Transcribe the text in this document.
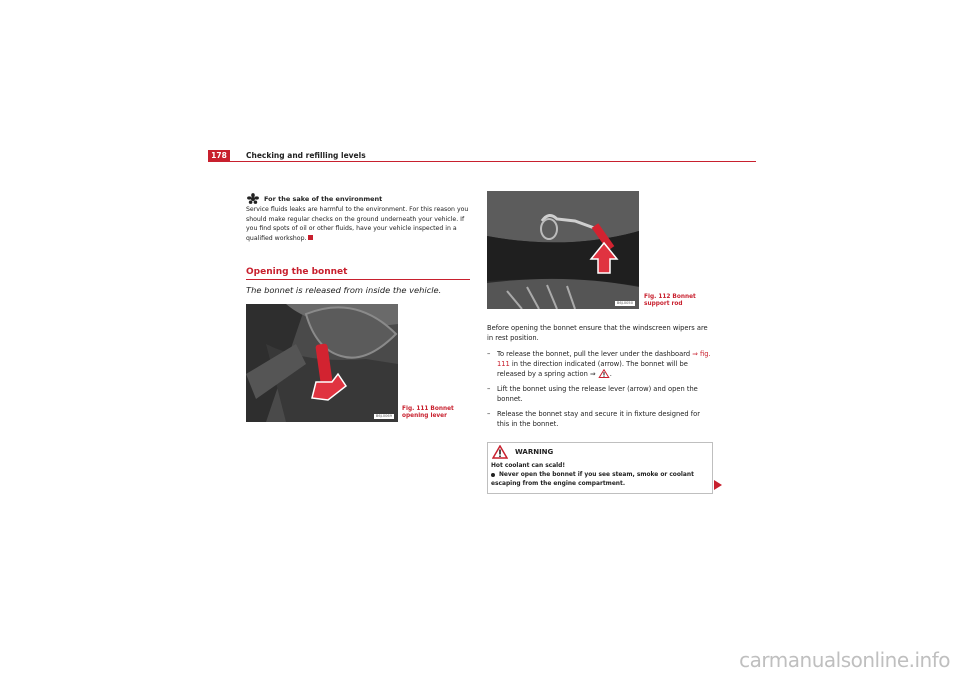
178	Checking and refilling levels
For the sake of the environment
Service fluids leaks are harmful to the environment. For this reason you should make regular checks on the ground underneath your vehicle. If you find spots of oil or other fluids, have your vehicle inspected in a qualified workshop.
Opening the bonnet
The bonnet is released from inside the vehicle.
B6J-0069
Fig. 111 Bonnet opening lever
B6J-0050
Fig. 112 Bonnet support rod

Before opening the bonnet ensure that the windscreen wipers are in rest position.

– To release the bonnet, pull the lever under the dashboard ⇒ fig. 111 in the direction indicated (arrow). The bonnet will be released by a spring action ⇒ .
– Lift the bonnet using the release lever (arrow) and open the bonnet.
– Release the bonnet stay and secure it in fixture designed for this in the bonnet.
WARNING
Hot coolant can scald!
Never open the bonnet if you see steam, smoke or coolant escaping from the engine compartment.
carmanualsonline.info
